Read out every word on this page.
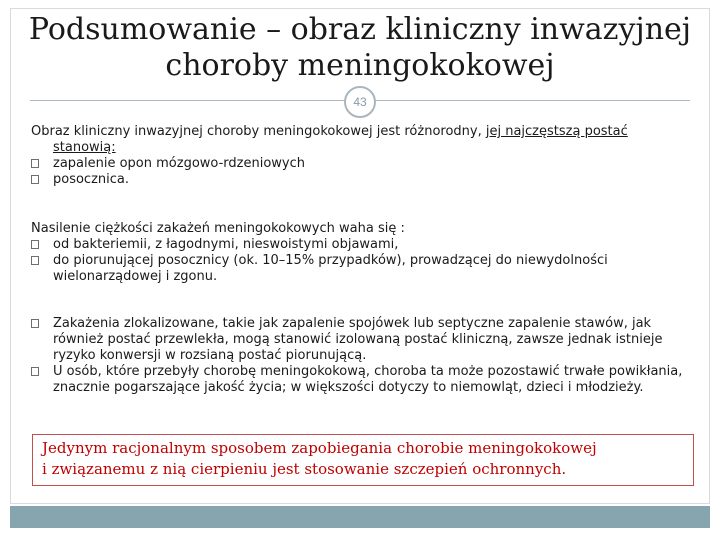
Podsumowanie – obraz kliniczny inwazyjnej
choroby meningokokowej
43

Obraz kliniczny inwazyjnej choroby meningokokowej jest różnorodny, jej najczęstszą postać
stanowią:

zapalenie opon mózgowo-rdzeniowych
posocznica.

Nasilenie ciężkości zakażeń meningokokowych waha się :

od bakteriemii, z łagodnymi, nieswoistymi objawami,
do piorunującej posocznicy (ok. 10–15% przypadków), prowadzącej do niewydolności wielonarządowej i zgonu.
Zakażenia zlokalizowane, takie jak zapalenie spojówek lub septyczne zapalenie stawów, jak również postać przewlekła, mogą stanowić izolowaną postać kliniczną, zawsze jednak istnieje ryzyko konwersji w rozsianą postać piorunującą.
U osób, które przebyły chorobę meningokokową, choroba ta może pozostawić trwałe powikłania, znacznie pogarszające jakość życia; w większości dotyczy to niemowląt, dzieci i młodzieży.
Jedynym racjonalnym sposobem zapobiegania chorobie meningokokowej
i związanemu z nią cierpieniu jest stosowanie szczepień ochronnych.
